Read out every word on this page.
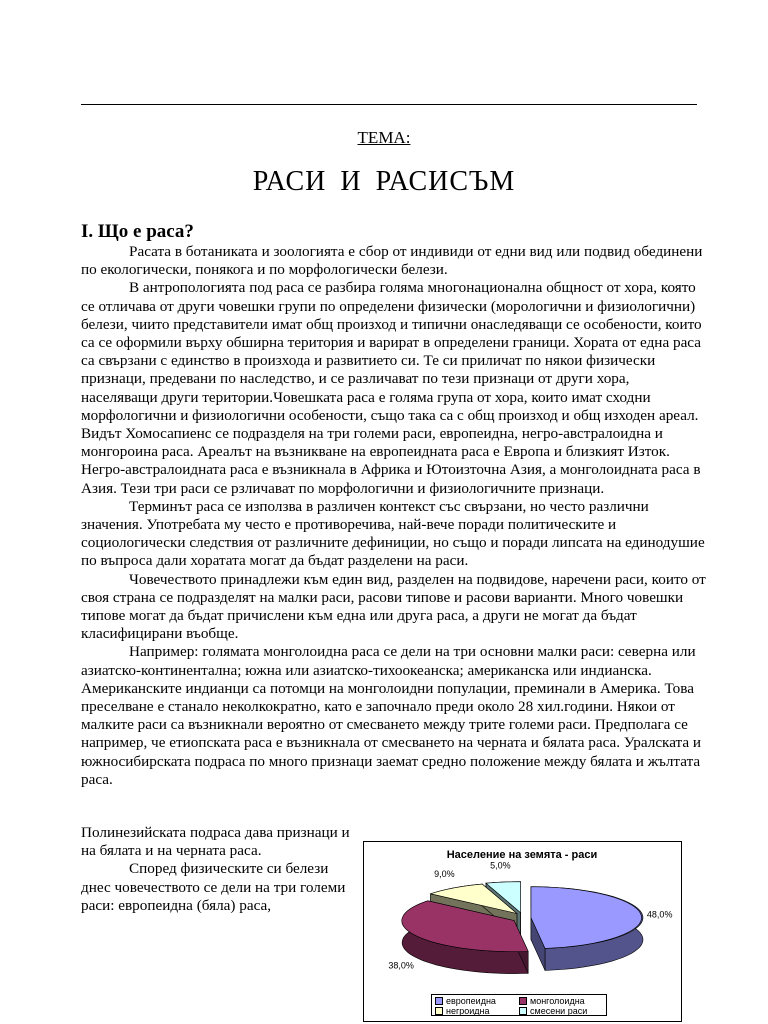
ТЕМА:
РАСИ И РАСИСЪМ
I. Що е раса?

Расата в ботаниката и зоологията е сбор от индивиди от едни вид или подвид обединени по екологически, понякога и по морфологически белези.

В антропологията под раса се разбира голяма многонационална общност от хора, която се отличава от други човешки групи по определени физически (морологични и физиологични) белези, чиито представители имат общ произход и типични онаследяващи се особености, които са се оформили върху обширна територия и варират в определени граници. Хората от една раса са свързани с единство в произхода и развитието си. Те си приличат по някои физически признаци, предевани по наследство, и се различават по тези признаци от други хора, населяващи други територии.Човешката раса е голяма група от хора, които имат сходни морфологични и физиологични особености, също така са с общ произход и общ изходен ареал. Видът Хомосапиенс се подразделя на три големи раси, европеидна, негро-австралоидна и монгороина раса. Ареалът на възникване на европеидната раса е Европа и близкият Изток. Негро-австралоидната раса е възникнала в Африка и Ютоизточна Азия, а монголоидната раса в Азия. Тези три раси се рзличават по морфологични и физиологичните признаци.

Терминът раса се използва в различен контекст със свързани, но често различни значения. Употребата му често е противоречива, най-вече поради политическите и социологически следствия от различните дефиниции, но също и поради липсата на единодушие по въпроса дали хоратата могат да бъдат разделени на раси.

Човечеството принадлежи към един вид, разделен на подвидове, наречени раси, които от своя страна се подразделят на малки раси, расови типове и расови варианти. Много човешки типове могат да бъдат причислени към една или друга раса, а други не могат да бъдат класифицирани въобще.

Например: голямата монголоидна раса се дели на три основни малки раси: северна или азиатско-континентална; южна или азиатско-тихоокеанска; американска или индианска. Американските индианци са потомци на монголоидни популации, преминали в Америка. Това преселване е станало неколкократно, като е започнало преди около 28 хил.години. Някои от малките раси са възникнали вероятно от смесването между трите големи раси. Предполага се например, че етиопската раса е възникнала от смесването на черната и бялата раса. Уралската и южносибирската подраса по много признаци заемат средно положение между бялата и жълтата раса.

Полинезийската подраса дава признаци и на бялата и на черната раса.

Според физическите си белези днес човечеството се дели на три големи раси: европеидна (бяла) раса,

Население на земята - раси
48,0%
38,0%
9,0%
5,0%
европеидна	монголоидна
негроидна	смесени раси
